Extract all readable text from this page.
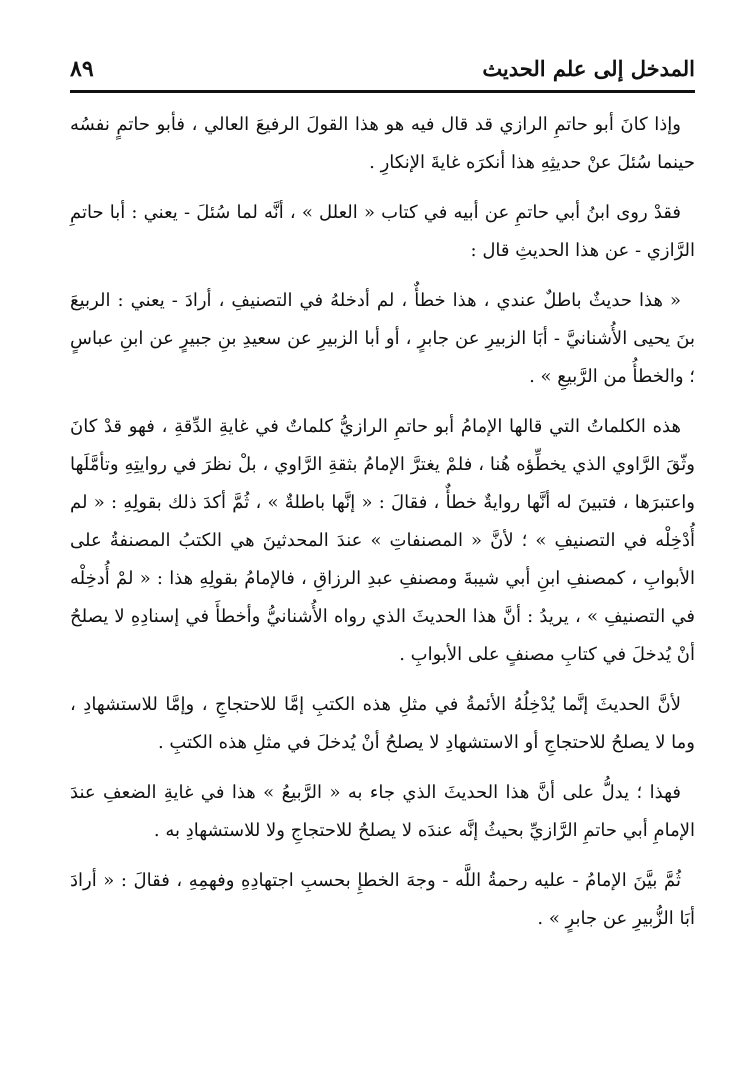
المدخل إلى علم الحديث
٨٩

وإذا كانَ أبو حاتمِ الرازي قد قال فيه هو هذا القولَ الرفيعَ العالي ، فأبو حاتمٍ نفسُه حينما سُئلَ عنْ حديثِهِ هذا أنكرَه غايةَ الإنكارِ .

فقدْ روى ابنُ أبي حاتمِ عن أبيه في كتاب « العلل » ، أنَّه لما سُئلَ - يعني : أبا حاتمِ الرَّازي - عن هذا الحديثِ قال :

« هذا حديثٌ باطلٌ عندي ، هذا خطأٌ ، لم أدخلهُ في التصنيفِ ، أرادَ - يعني : الربيعَ بنَ يحيى الأُشنانيَّ - أبَا الزبيرِ عن جابرٍ ، أو أبا الزبيرِ عن سعيدِ بنِ جبيرٍ عن ابنِ عباسٍ ؛ والخطأُ من الرَّبيعِ » .

هذه الكلماتُ التي قالها الإمامُ أبو حاتمِ الرازيُّ كلماتٌ في غايةِ الدِّقةِ ، فهو قدْ كانَ وثّقَ الرَّاوي الذي يخطِّؤه هُنا ، فلمْ يغترَّ الإمامُ بثقةِ الرَّاوي ، بلْ نظرَ في روايتِهِ وتأمَّلَها واعتبرَها ، فتبينَ له أنَّها روايةٌ خطأٌ ، فقالَ : « إنَّها باطلةٌ » ، ثُمَّ أكدَ ذلك بقولِهِ : « لم أُدْخِلْه في التصنيفِ » ؛ لأنَّ « المصنفاتِ » عندَ المحدثينَ هي الكتبُ المصنفةُ على الأبوابِ ، كمصنفِ ابنِ أبي شيبةَ ومصنفِ عبدِ الرزاقِ ، فالإمامُ بقولِهِ هذا : « لمْ أُدخِلْه في التصنيفِ » ، يريدُ : أنَّ هذا الحديثَ الذي رواه الأُشنانيُّ وأخطأَ في إسنادِهِ لا يصلحُ أنْ يُدخلَ في كتابِ مصنفٍ على الأبوابِ .

لأنَّ الحديثَ إنَّما يُدْخِلُهُ الأئمةُ في مثلِ هذه الكتبِ إمَّا للاحتجاجِ ، وإمَّا للاستشهادِ ، وما لا يصلحُ للاحتجاجِ أو الاستشهادِ لا يصلحُ أنْ يُدخلَ في مثلِ هذه الكتبِ .

فهذا ؛ يدلُّ على أنَّ هذا الحديثَ الذي جاء به « الرَّبيعُ » هذا في غايةِ الضعفِ عندَ الإمامِ أبي حاتمِ الرَّازيِّ بحيثُ إنَّه عندَه لا يصلحُ للاحتجاجِ ولا للاستشهادِ به .

ثُمَّ بيَّنَ الإمامُ - عليه رحمةُ اللَّه - وجهَ الخطإِ بحسبِ اجتهادِهِ وفهمِهِ ، فقالَ : « أرادَ أبَا الزُّبيرِ عن جابرٍ » .
